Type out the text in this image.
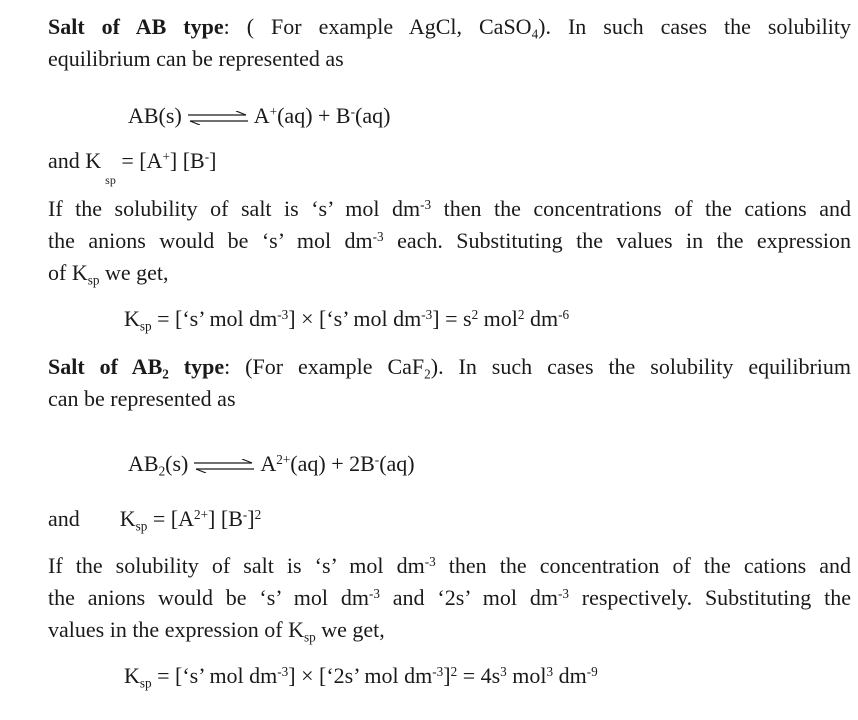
Salt of AB type: ( For example AgCl, CaSO$_4$). In such cases the solubility
equilibrium can be represented as
AB(s) ⇌ A+(aq) + B-(aq)
and $K_{sp} = [A^+]$ [B-]
If the solubility of salt is ‘s’ mol $dm^{-3}$ then the concentrations of the cations and
the anions would be ‘s’ mol $dm^{-3}$ each. Substituting the values in the expression
of $K_{sp}$ we get,
$K_{sp}$ = [‘s’ mol $dm^{-3}$] × [‘s’ mol $dm^{-3}] = s^2$ mol$^2$ $dm^{-6}$
Salt of $AB_2$ type: (For example CaF$_2$). In such cases the solubility equilibrium
can be represented as
$AB_2(s)$ ⇌ $A^{2+}(aq) + 2B^-(aq)$
and $K_{sp} = [A^{2+}]$ $[B^-]^2$
If the solubility of salt is ‘s’ mol $dm^{-3}$ then the concentration of the cations and
the anions would be ‘s’ mol $dm^{-3}$ and ‘2s’ mol $dm^{-3}$ respectively. Substituting the
values in the expression of $K_{sp}$ we get,
$K_{sp}$ = [‘s’ mol $dm^{-3}$] × [‘2s’ mol $dm^{-3}]^2 = 4s^3$ mol$^3$ $dm^{-9}$
